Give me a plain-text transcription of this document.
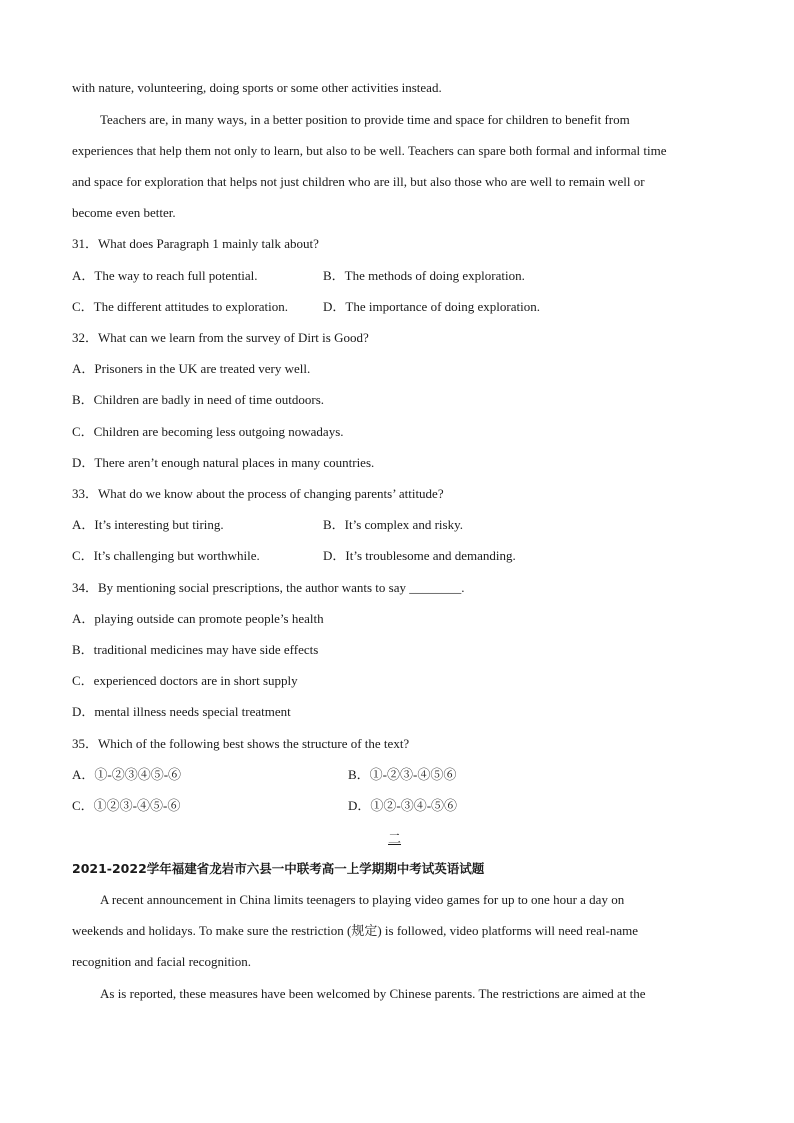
with nature, volunteering, doing sports or some other activities instead.
Teachers are, in many ways, in a better position to provide time and space for children to benefit from
experiences that help them not only to learn, but also to be well. Teachers can spare both formal and informal time
and space for exploration that helps not just children who are ill, but also those who are well to remain well or
become even better.
31．What does Paragraph 1 mainly talk about?
A．The way to reach full potential.	B．The methods of doing exploration.
C．The different attitudes to exploration.	D．The importance of doing exploration.
32．What can we learn from the survey of Dirt is Good?
A．Prisoners in the UK are treated very well.
B．Children are badly in need of time outdoors.
C．Children are becoming less outgoing nowadays.
D．There aren’t enough natural places in many countries.
33．What do we know about the process of changing parents’ attitude?
A．It’s interesting but tiring.	B．It’s complex and risky.
C．It’s challenging but worthwhile.	D．It’s troublesome and demanding.
34．By mentioning social prescriptions, the author wants to say ________.
A．playing outside can promote people’s health
B．traditional medicines may have side effects
C．experienced doctors are in short supply
D．mental illness needs special treatment
35．Which of the following best shows the structure of the text?
A．①-②③④⑤-⑥	B．①-②③-④⑤⑥
C．①②③-④⑤-⑥	D．①②-③④-⑤⑥
二
2021-2022学年福建省龙岩市六县一中联考高一上学期期中考试英语试题
A recent announcement in China limits teenagers to playing video games for up to one hour a day on
weekends and holidays. To make sure the restriction (规定) is followed, video platforms will need real-name
recognition and facial recognition.
As is reported, these measures have been welcomed by Chinese parents. The restrictions are aimed at the
